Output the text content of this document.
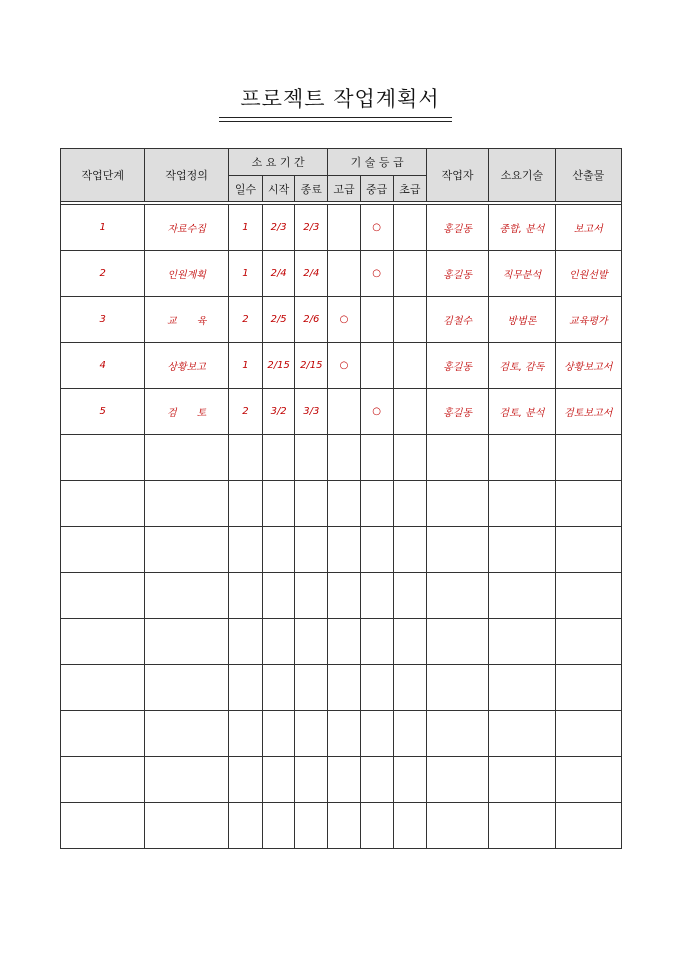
프로젝트 작업계획서
작업단계	작업정의	소 요 기 간			기 술 등 급			작업자	소요기술	산출물
		일수	시작	종료	고급	중급	초급			

1	자료수집	1	2/3	2/3		○		홍길동	종합, 분석	보고서
2	인원계획	1	2/4	2/4		○		홍길동	직무분석	인원선발
3	교　　육	2	2/5	2/6	○			김철수	방법론	교육평가
4	상황보고	1	2/15	2/15	○			홍길동	검토, 감독	상황보고서
5	검　　토	2	3/2	3/3		○		홍길동	검토, 분석	검토보고서
